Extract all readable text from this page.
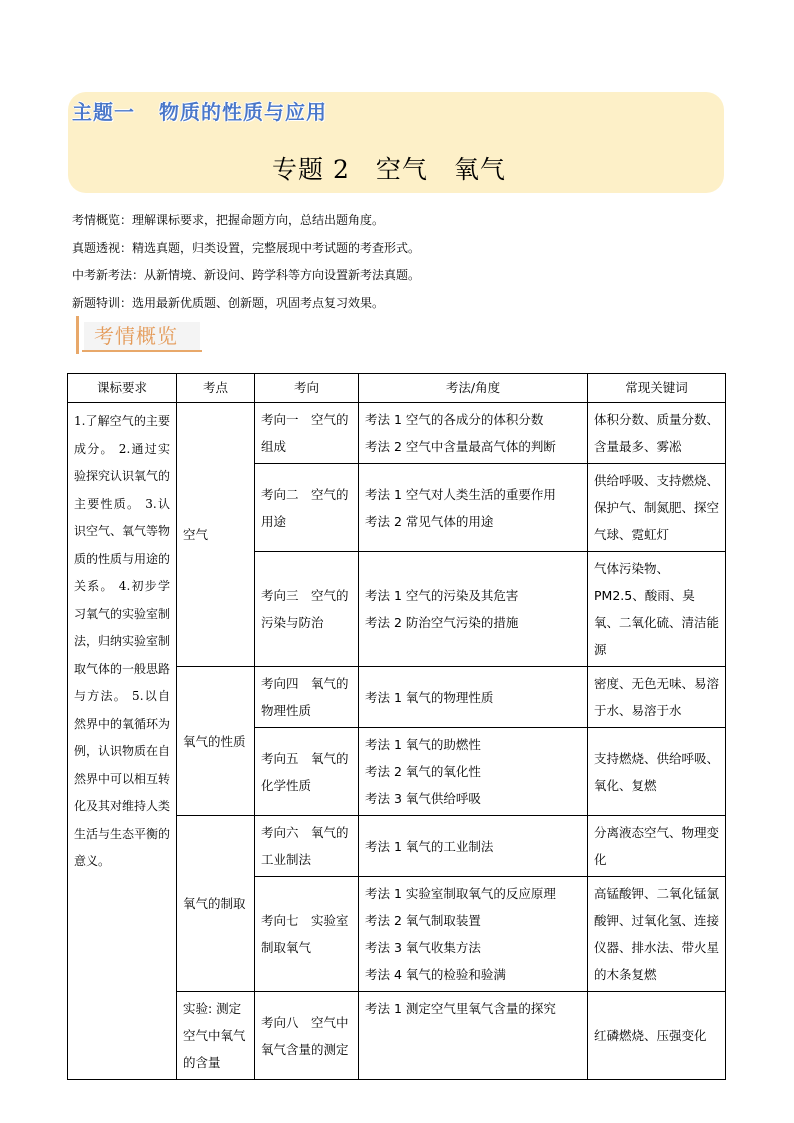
主题一 物质的性质与应用
专题 2　空气　氧气
考情概览：理解课标要求，把握命题方向，总结出题角度。
真题透视：精选真题，归类设置，完整展现中考试题的考查形式。
中考新考法：从新情境、新设问、跨学科等方向设置新考法真题。
新题特训：选用最新优质题、创新题，巩固考点复习效果。
考情概览
课标要求	考点	考向	考法/角度	常现关键词
1.了解空气的主要成分。 2.通过实验探究认识氧气的主要性质。 3.认识空气、氧气等物质的性质与用途的关系。 4.初步学习氧气的实验室制法，归纳实验室制取气体的一般思路与方法。 5.以自然界中的氧循环为例，认识物质在自然界中可以相互转化及其对维持人类生活与生态平衡的意义。	空气	考向一　空气的组成	考法 1 空气的各成分的体积分数
考法 2 空气中含量最高气体的判断	体积分数、质量分数、含量最多、雾凇
		考向二　空气的用途	考法 1 空气对人类生活的重要作用
考法 2 常见气体的用途	供给呼吸、支持燃烧、保护气、制氮肥、探空气球、霓虹灯
		考向三　空气的污染与防治	考法 1 空气的污染及其危害
考法 2 防治空气污染的措施	气体污染物、PM2.5、酸雨、臭氧、二氧化硫、清洁能源
	氧气的性质	考向四　氧气的物理性质	考法 1 氧气的物理性质	密度、无色无味、易溶于水、易溶于水
		考向五　氧气的化学性质	考法 1 氧气的助燃性
考法 2 氧气的氧化性
考法 3 氧气供给呼吸	支持燃烧、供给呼吸、氧化、复燃
	氧气的制取	考向六　氧气的工业制法	考法 1 氧气的工业制法	分离液态空气、物理变化
		考向七　实验室制取氧气	考法 1 实验室制取氧气的反应原理
考法 2 氧气制取装置
考法 3 氧气收集方法
考法 4 氧气的检验和验满	高锰酸钾、二氧化锰氯酸钾、过氧化氢、连接仪器、排水法、带火星的木条复燃
	实验: 测定空气中氧气的含量	考向八　空气中氧气含量的测定	考法 1 测定空气里氧气含量的探究	红磷燃烧、压强变化
